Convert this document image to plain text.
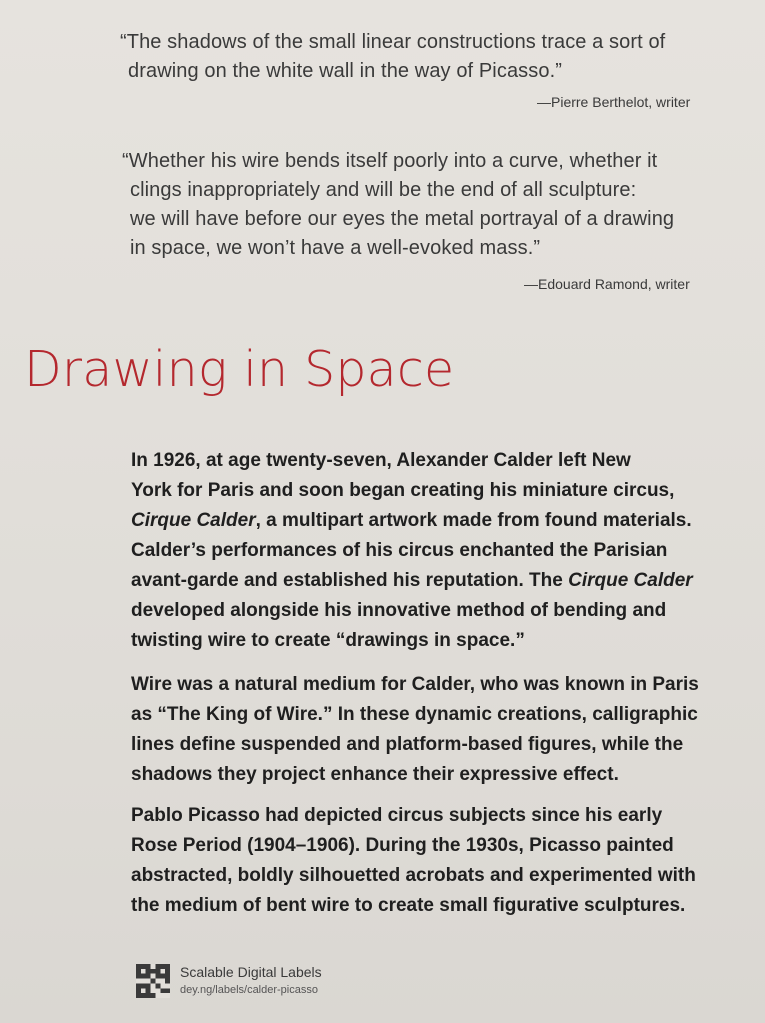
“The shadows of the small linear constructions trace a sort of

drawing on the white wall in the way of Picasso.”

—Pierre Berthelot, writer

“Whether his wire bends itself poorly into a curve, whether it

clings inappropriately and will be the end of all sculpture:

we will have before our eyes the metal portrayal of a drawing

in space, we won’t have a well-evoked mass.”

—Edouard Ramond, writer
Drawing in Space
In 1926, at age twenty-seven, Alexander Calder left New
York for Paris and soon began creating his miniature circus,
Cirque Calder, a multipart artwork made from found materials.
Calder’s performances of his circus enchanted the Parisian
avant-garde and established his reputation. The Cirque Calder
developed alongside his innovative method of bending and
twisting wire to create “drawings in space.”
Wire was a natural medium for Calder, who was known in Paris
as “The King of Wire.” In these dynamic creations, calligraphic
lines define suspended and platform-based figures, while the
shadows they project enhance their expressive effect.
Pablo Picasso had depicted circus subjects since his early
Rose Period (1904–1906). During the 1930s, Picasso painted
abstracted, boldly silhouetted acrobats and experimented with
the medium of bent wire to create small figurative sculptures.
Scalable Digital Labels
dey.ng/labels/calder-picasso
